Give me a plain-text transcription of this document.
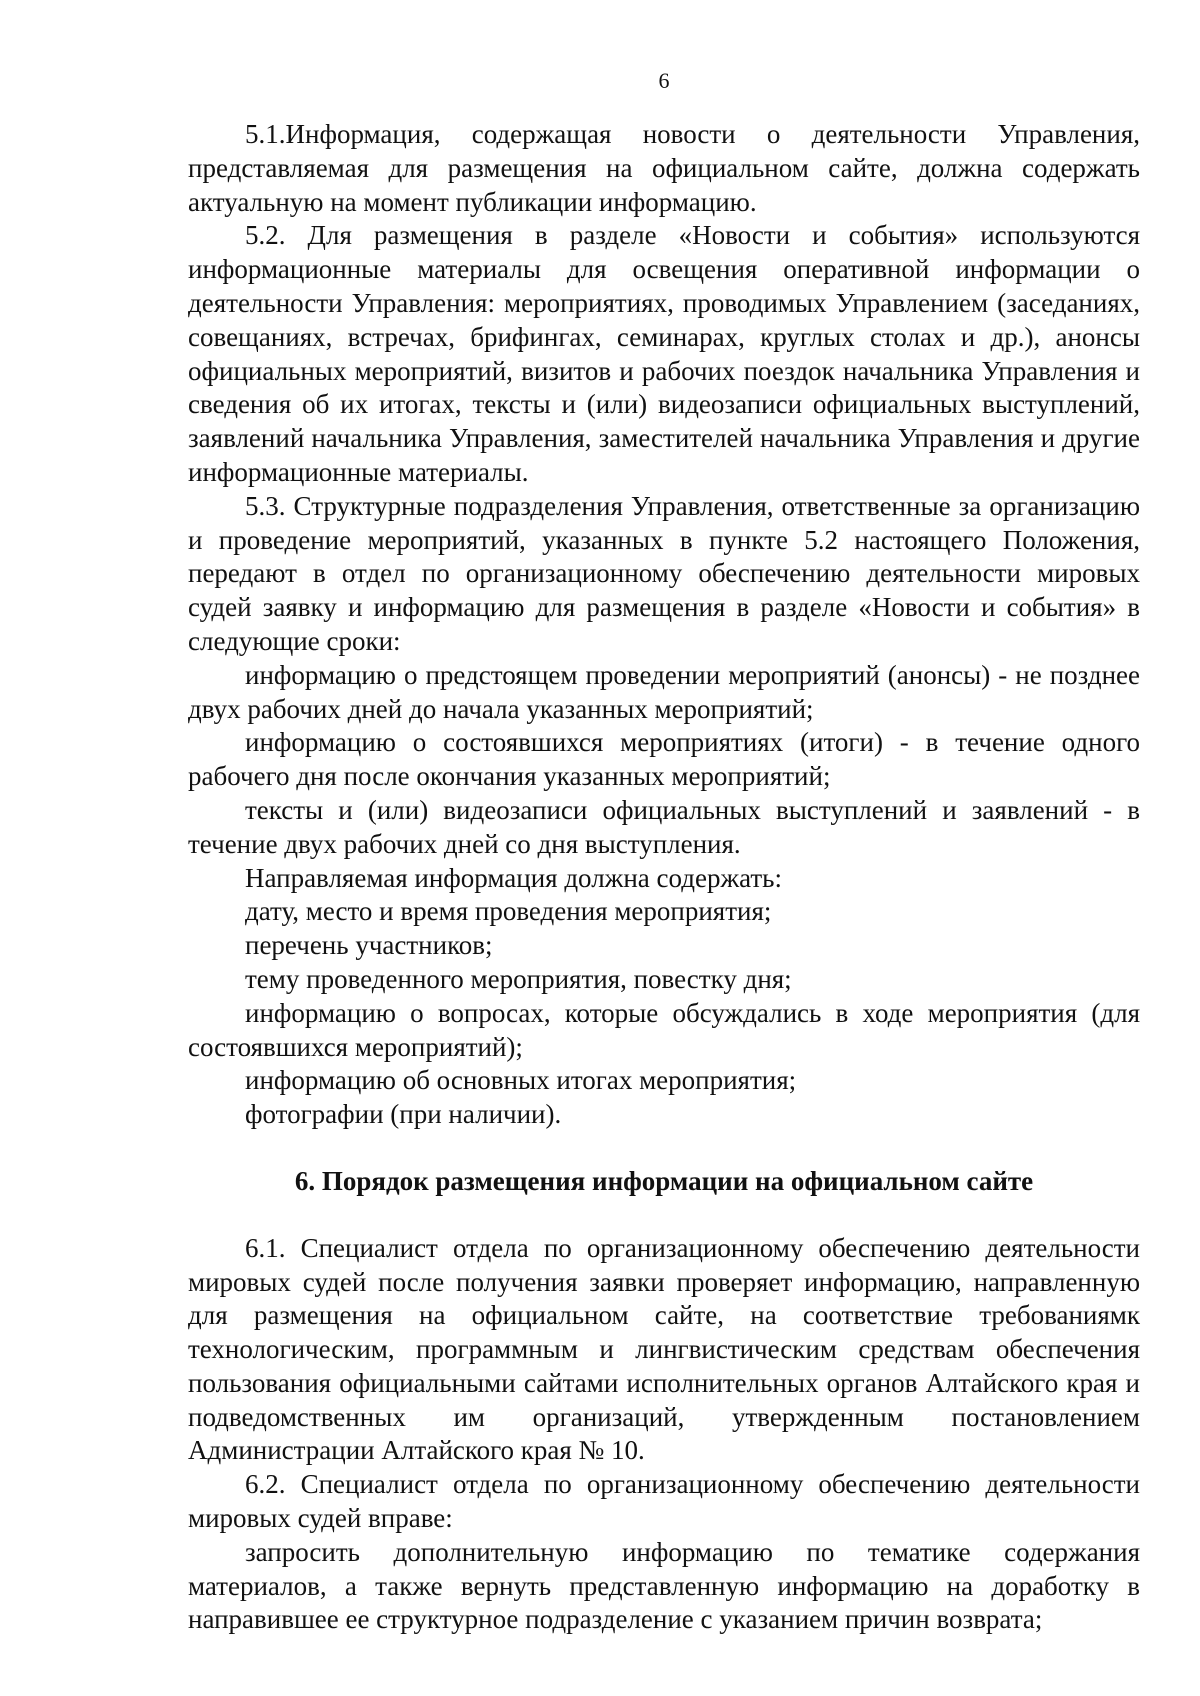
6

5.1.Информация, содержащая новости о деятельности Управления, представляемая для размещения на официальном сайте, должна содержать актуальную на момент публикации информацию.

5.2. Для размещения в разделе «Новости и события» используются информационные материалы для освещения оперативной информации о деятельности Управления: мероприятиях, проводимых Управлением (заседаниях, совещаниях, встречах, брифингах, семинарах, круглых столах и др.), анонсы официальных мероприятий, визитов и рабочих поездок начальника Управления и сведения об их итогах, тексты и (или) видеозаписи официальных выступлений, заявлений начальника Управления, заместителей начальника Управления и другие информационные материалы.

5.3. Структурные подразделения Управления, ответственные за организацию и проведение мероприятий, указанных в пункте 5.2 настоящего Положения, передают в отдел по организационному обеспечению деятельности мировых судей заявку и информацию для размещения в разделе «Новости и события» в следующие сроки:

информацию о предстоящем проведении мероприятий (анонсы) - не позднее двух рабочих дней до начала указанных мероприятий;

информацию о состоявшихся мероприятиях (итоги) - в течение одного рабочего дня после окончания указанных мероприятий;

тексты и (или) видеозаписи официальных выступлений и заявлений - в течение двух рабочих дней со дня выступления.

Направляемая информация должна содержать:

дату, место и время проведения мероприятия;

перечень участников;

тему проведенного мероприятия, повестку дня;

информацию о вопросах, которые обсуждались в ходе мероприятия (для состоявшихся мероприятий);

информацию об основных итогах мероприятия;

фотографии (при наличии).

6. Порядок размещения информации на официальном сайте

6.1. Специалист отдела по организационному обеспечению деятельности мировых судей после получения заявки проверяет информацию, направленную для размещения на официальном сайте, на соответствие требованиямк технологическим, программным и лингвистическим средствам обеспечения пользования официальными сайтами исполнительных органов Алтайского края и подведомственных им организаций, утвержденным постановлением Администрации Алтайского края № 10.

6.2. Специалист отдела по организационному обеспечению деятельности мировых судей вправе:

запросить дополнительную информацию по тематике содержания материалов, а также вернуть представленную информацию на доработку в направившее ее структурное подразделение с указанием причин возврата;
